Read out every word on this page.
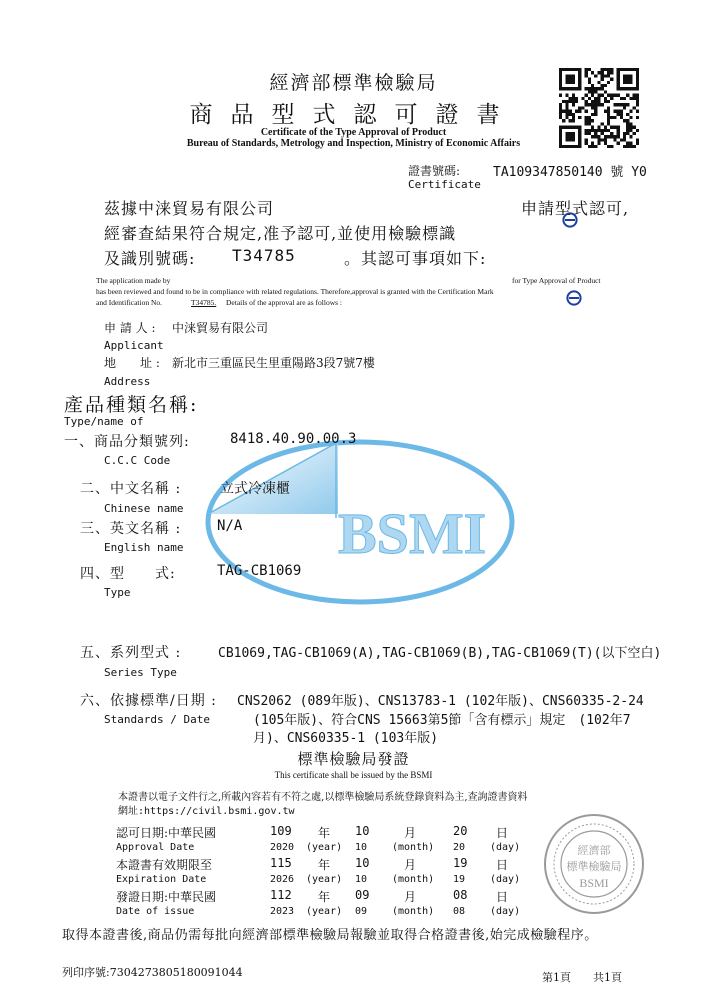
經濟部標準檢驗局
商品型式認可證書
Certificate of the Type Approval of Product
Bureau of Standards, Metrology and Inspection, Ministry of Economic Affairs
證書號碼:	TA109347850140 號 Y0
Certificate
茲據中涞貿易有限公司	申請型式認可,
經審查結果符合規定,准予認可,並使用檢驗標識
及識別號碼: T34785	。其認可事項如下:
The application made by	for Type Approval of Product
has been reviewed and found to be in compliance with related regulations. Therefore,approval is granted with the Certification Mark
and Identification No.	T34785. Details of the approval are as follows :
申 請 人 : 中涞貿易有限公司
Applicant
地　　址 : 新北市三重區民生里重陽路3段7號7樓
Address
BSMI
產品種類名稱:
Type/name of
一、商品分類號列:	8418.40.90.00.3
C.C.C Code
二、中文名稱 :	立式冷凍櫃
Chinese name
三、英文名稱 :	N/A
English name
四、型　　式:	TAG-CB1069
Type
五、系列型式 :	CB1069,TAG-CB1069(A),TAG-CB1069(B),TAG-CB1069(T)(以下空白)
Series Type
六、依據標準/日期 : CNS2062 (089年版)、CNS13783-1 (102年版)、CNS60335-2-24
(105年版)、符合CNS 15663第5節「含有標示」規定　(102年7
月)、CNS60335-1 (103年版)
Standards / Date
標準檢驗局發證
This certificate shall be issued by the BSMI
本證書以電子文件行之,所載內容若有不符之處,以標準檢驗局系統登錄資料為主,查詢證書資料
網址:https://civil.bsmi.gov.tw
認可日期:中華民國	109 年 10	月	20 日
Approval Date	2020 (year) 10 (month) 20 (day)
本證書有效期限至	115 年 10	月	19 日
Expiration Date	2026 (year) 10 (month) 19 (day)
發證日期:中華民國	112 年 09	月	08 日
Date of issue	2023 (year) 09 (month) 08 (day)
經濟部
標準檢驗局
BSMI
取得本證書後,商品仍需每批向經濟部標準檢驗局報驗並取得合格證書後,始完成檢驗程序。
列印序號:7304273805180091044	第1頁　　共1頁
